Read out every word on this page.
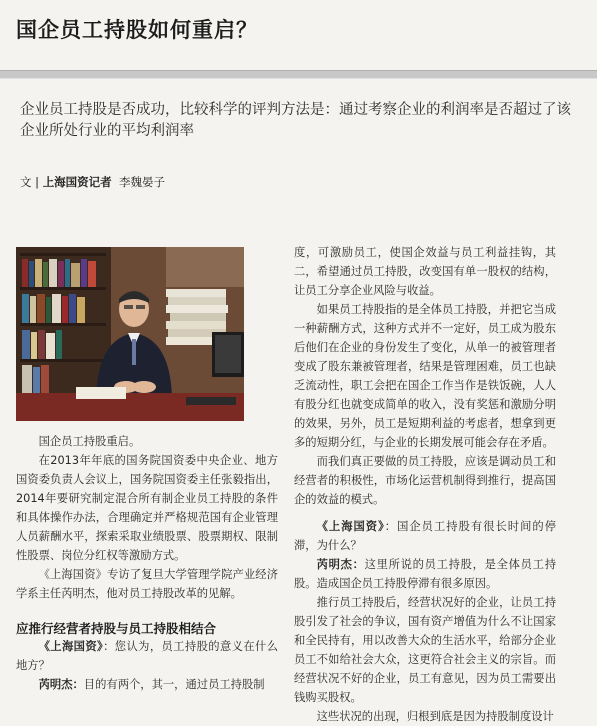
国企员工持股如何重启？
企业员工持股是否成功，比较科学的评判方法是：通过考察企业的利润率是否超过了该企业所处行业的平均利润率
文 | 上海国资记者 李魏晏子

国企员工持股重启。

在2013年年底的国务院国资委中央企业、地方国资委负责人会议上，国务院国资委主任张毅指出，2014年要研究制定混合所有制企业员工持股的条件和具体操作办法，合理确定并严格规范国有企业管理人员薪酬水平，探索采取业绩股票、股票期权、限制性股票、岗位分红权等激励方式。

《上海国资》专访了复旦大学管理学院产业经济学系主任芮明杰，他对员工持股改革的见解。

应推行经营者持股与员工持股相结合

《上海国资》：您认为，员工持股的意义在什么地方？

芮明杰：目的有两个，其一，通过员工持股制

度，可激励员工，使国企效益与员工利益挂钩，其二，希望通过员工持股，改变国有单一股权的结构，让员工分享企业风险与收益。

如果员工持股指的是全体员工持股，并把它当成一种薪酬方式，这种方式并不一定好，员工成为股东后他们在企业的身份发生了变化，从单一的被管理者变成了股东兼被管理者，结果是管理困难，员工也缺乏流动性，职工会把在国企工作当作是铁饭碗，人人有股分红也就变成简单的收入，没有奖惩和激励分明的效果，另外，员工是短期利益的考虑者，想拿到更多的短期分红，与企业的长期发展可能会存在矛盾。

而我们真正要做的员工持股，应该是调动员工和经营者的积极性，市场化运营机制得到推行，提高国企的效益的模式。

《上海国资》：国企员工持股有很长时间的停滞，为什么？

芮明杰：这里所说的员工持股，是全体员工持股。造成国企员工持股停滞有很多原因。

推行员工持股后，经营状况好的企业，让员工持股引发了社会的争议，国有资产增值为什么不让国家和全民持有，用以改善大众的生活水平，给部分企业员工不如给社会大众，这更符合社会主义的宗旨。而经营状况不好的企业，员工有意见，因为员工需要出钱购买股权。

这些状况的出现，归根到底是因为持股制度设计
